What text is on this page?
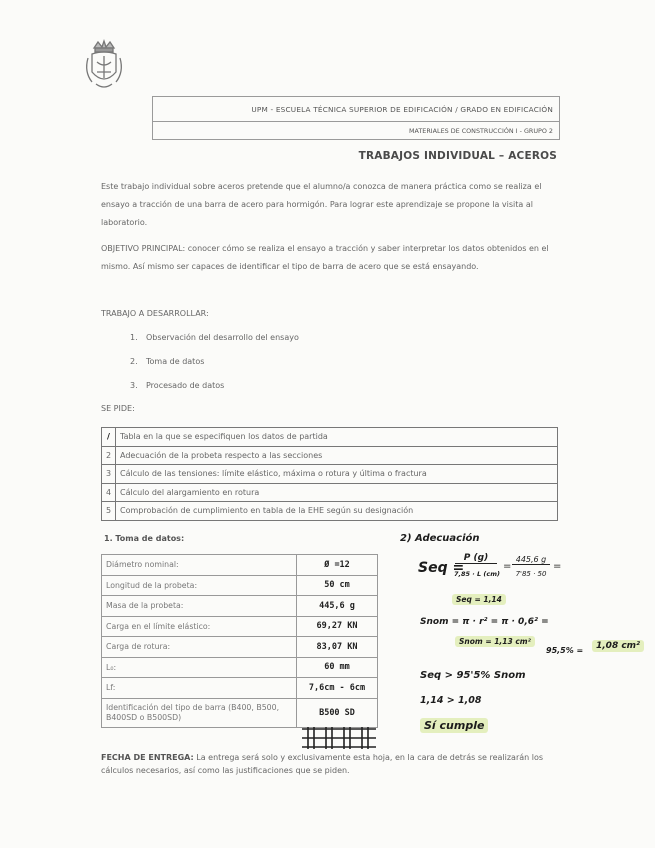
UPM - ESCUELA TÉCNICA SUPERIOR DE EDIFICACIÓN / GRADO EN EDIFICACIÓN
MATERIALES DE CONSTRUCCIÓN I - GRUPO 2
TRABAJOS INDIVIDUAL – ACEROS
Este trabajo individual sobre aceros pretende que el alumno/a conozca de manera práctica como se realiza el ensayo a tracción de una barra de acero para hormigón. Para lograr este aprendizaje se propone la visita al laboratorio.
OBJETIVO PRINCIPAL: conocer cómo se realiza el ensayo a tracción y saber interpretar los datos obtenidos en el mismo. Así mismo ser capaces de identificar el tipo de barra de acero que se está ensayando.
TRABAJO A DESARROLLAR:
1.	Observación del desarrollo del ensayo
2.	Toma de datos
3.	Procesado de datos
SE PIDE:
/	Tabla en la que se especifiquen los datos de partida
2	Adecuación de la probeta respecto a las secciones
3	Cálculo de las tensiones: límite elástico, máxima o rotura y última o fractura
4	Cálculo del alargamiento en rotura
5	Comprobación de cumplimiento en tabla de la EHE según su designación
1. Toma de datos:
Diámetro nominal:	Ø =12
Longitud de la probeta:	50 cm
Masa de la probeta:	445,6 g
Carga en el límite elástico:	69,27 KN
Carga de rotura:	83,07 KN
L₀:	60 mm
Lf:	7,6cm - 6cm
Identificación del tipo de barra (B400, B500, B400SD o B500SD)	B500 SD
2) Adecuación
Seq =
P (g)
7,85 · L (cm)
=
445,6 g
7'85 · 50
=
Seq = 1,14
Snom = π · r² = π · 0,6² =
Snom = 1,13 cm²
95,5% =	1,08 cm²
Seq > 95'5% Snom
1,14 > 1,08
Sí cumple
FECHA DE ENTREGA: La entrega será solo y exclusivamente esta hoja, en la cara de detrás se realizarán los cálculos necesarios, así como las justificaciones que se piden.
